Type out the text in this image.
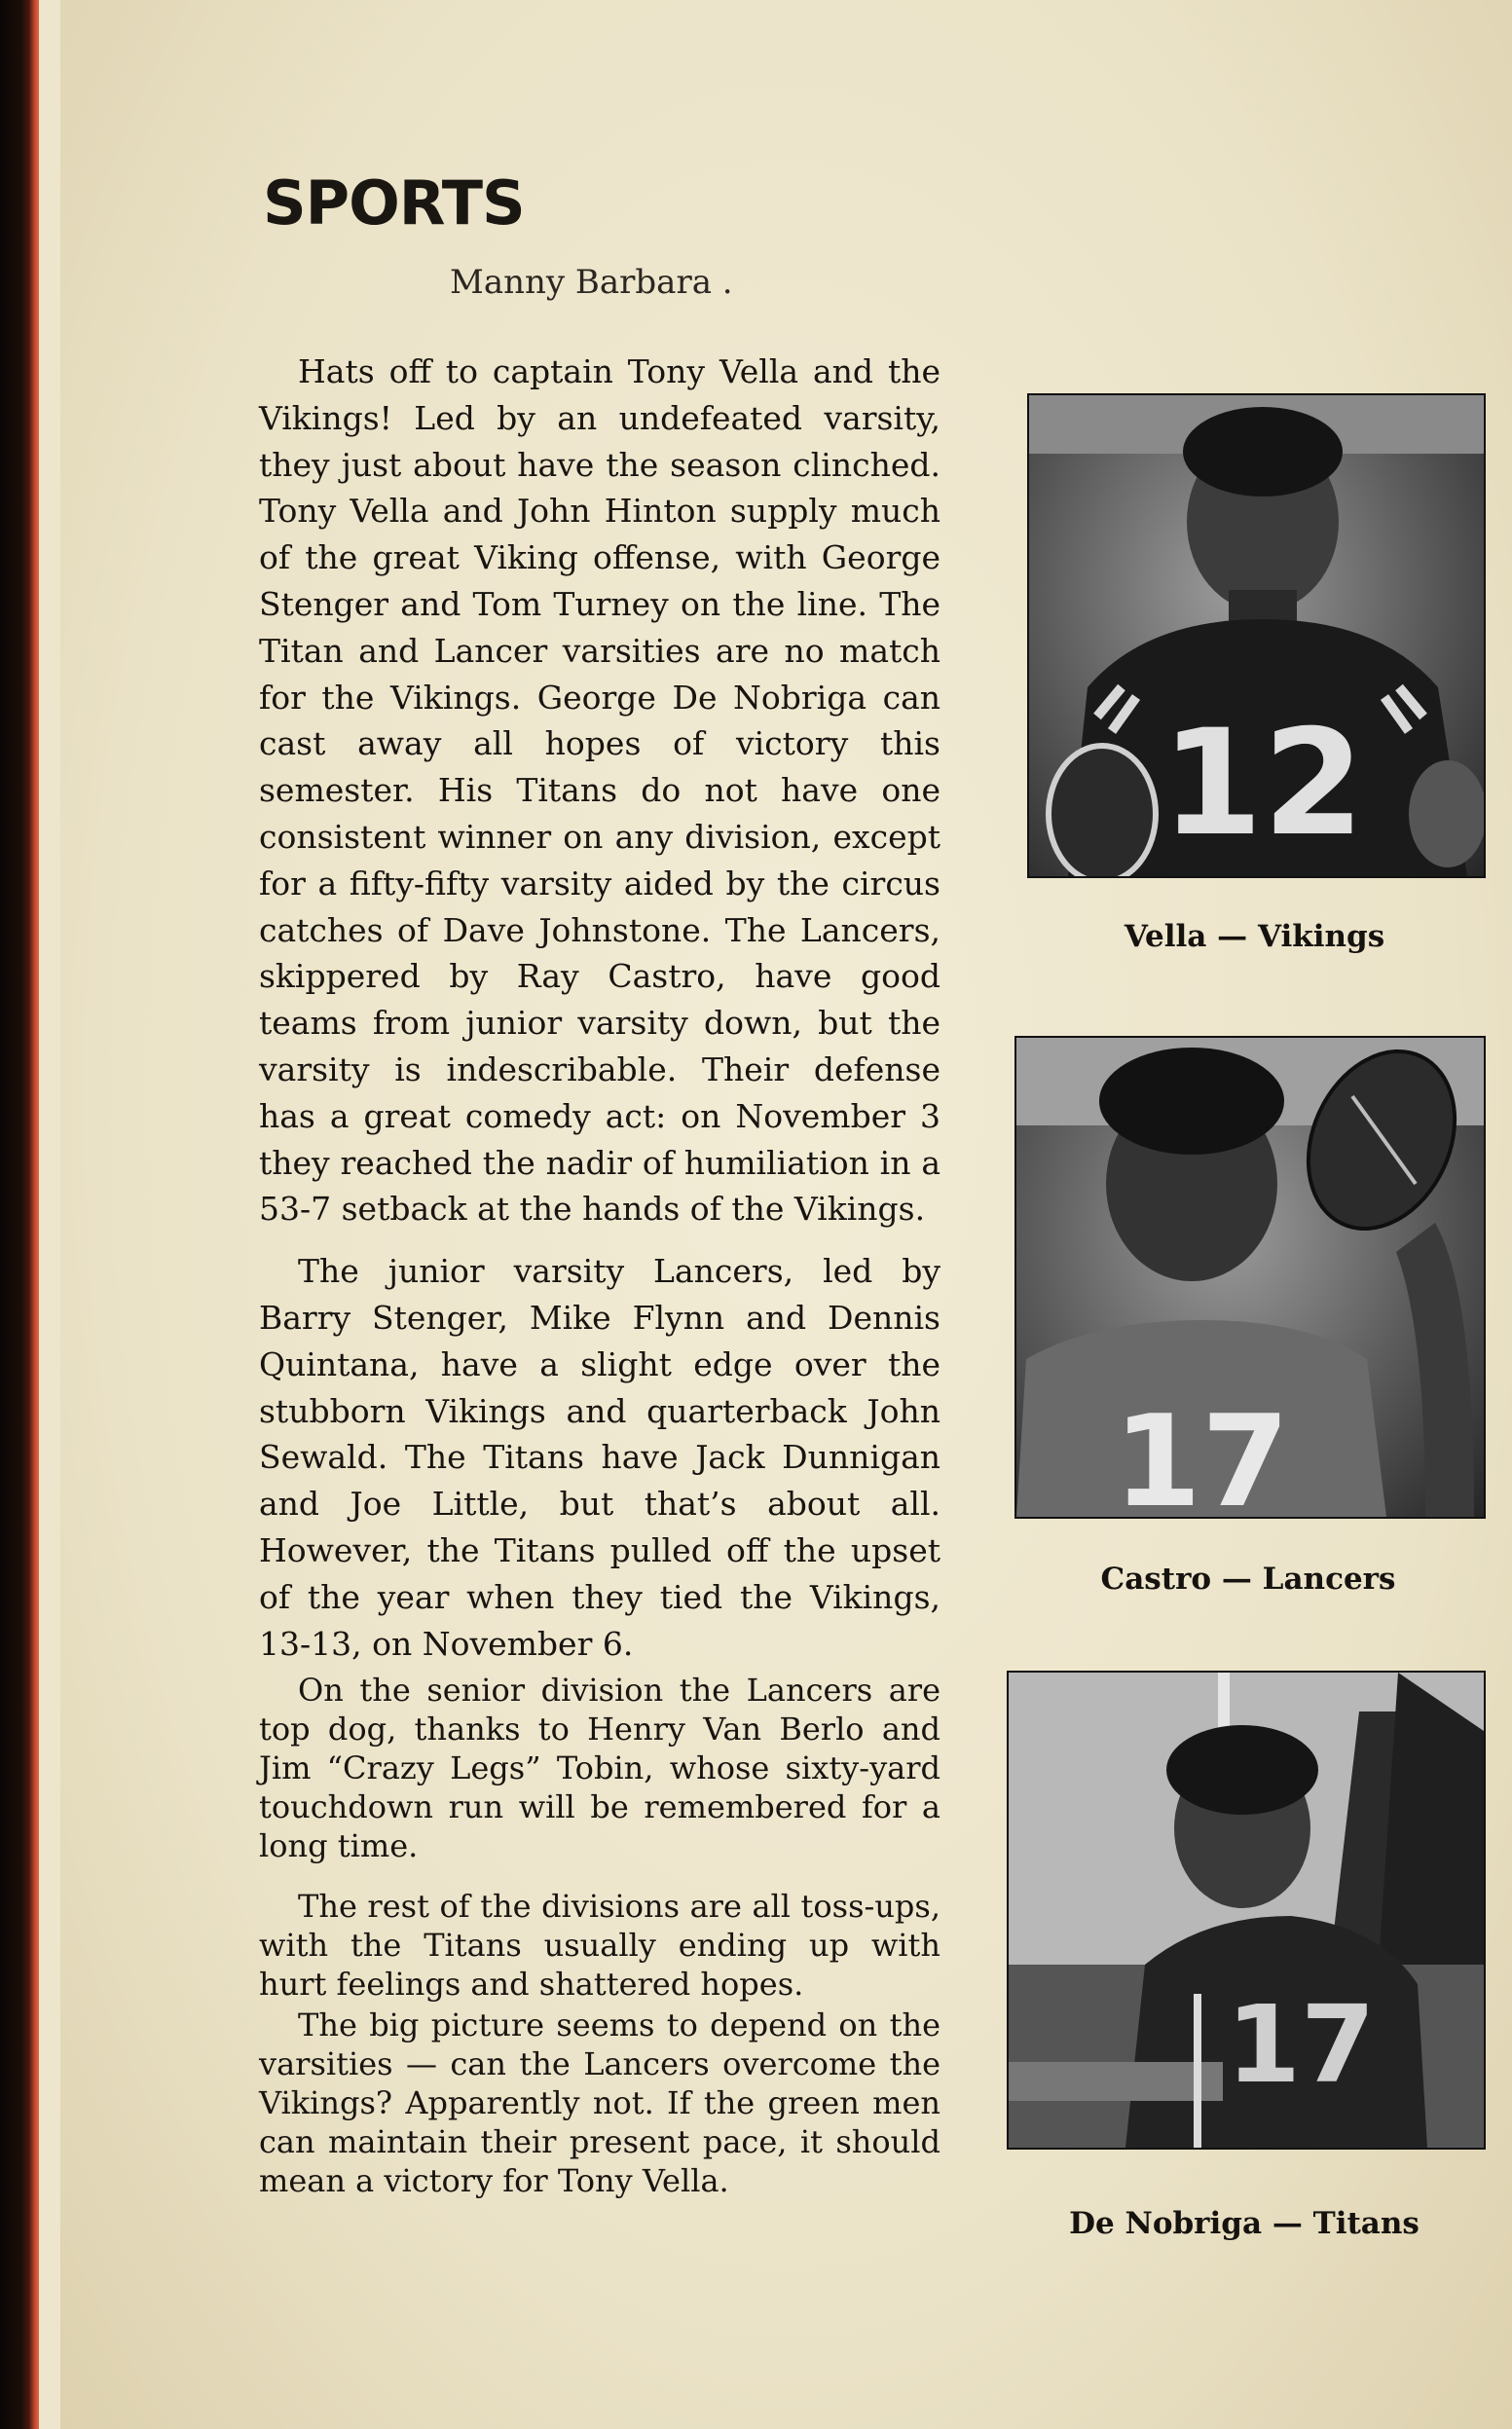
SPORTS
Manny Barbara .

Hats off to captain Tony Vella and the Vikings! Led by an undefeated varsity, they just about have the season clinched. Tony Vella and John Hinton supply much of the great Viking offense, with George Stenger and Tom Turney on the line. The Titan and Lancer varsities are no match for the Vikings. George De Nobriga can cast away all hopes of victory this semester. His Titans do not have one consistent winner on any division, except for a fifty-fifty varsity aided by the circus catches of Dave Johnstone. The Lancers, skippered by Ray Castro, have good teams from junior varsity down, but the varsity is indescribable. Their defense has a great comedy act: on November 3 they reached the nadir of humiliation in a 53-7 setback at the hands of the Vikings.

The junior varsity Lancers, led by Barry Stenger, Mike Flynn and Dennis Quintana, have a slight edge over the stubborn Vikings and quarterback John Sewald. The Titans have Jack Dunnigan and Joe Little, but that’s about all. However, the Titans pulled off the upset of the year when they tied the Vikings, 13-13, on November 6.

On the senior division the Lancers are top dog, thanks to Henry Van Berlo and Jim “Crazy Legs” Tobin, whose sixty-yard touchdown run will be remembered for a long time.

The rest of the divisions are all toss-ups, with the Titans usually ending up with hurt feelings and shattered hopes.

The big picture seems to depend on the varsities — can the Lancers overcome the Vikings? Apparently not. If the green men can maintain their present pace, it should mean a victory for Tony Vella.

12
Vella — Vikings
17
Castro — Lancers
17
De Nobriga — Titans
